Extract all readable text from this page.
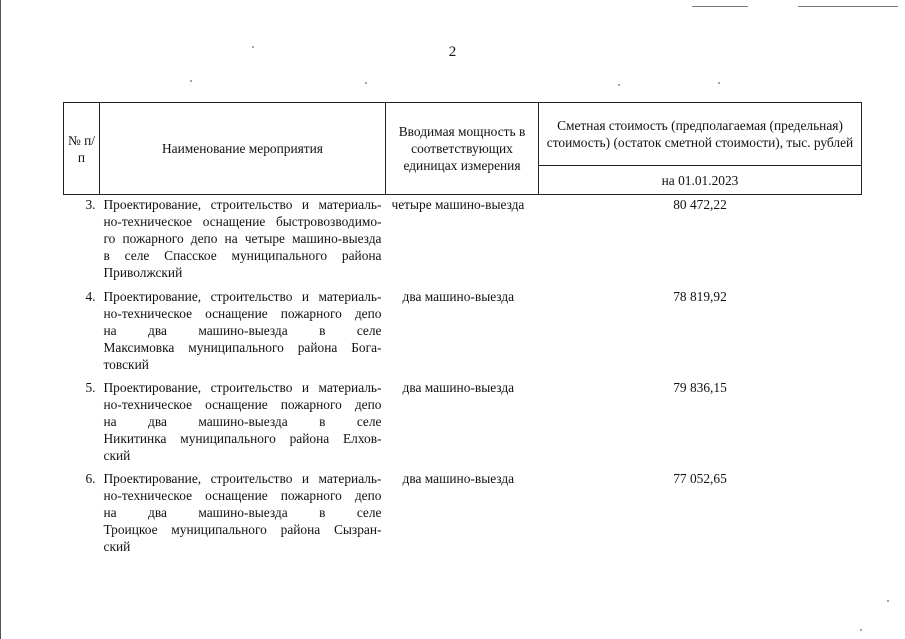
2
№ п/п	Наименование мероприятия	Вводимая мощность в соответствующих единицах измерения	Сметная стоимость (предполагаемая (предельная) стоимость) (остаток сметной стоимости), тыс. рублей
			на 01.01.2023
3.	Проектирование, строительство и материаль-
но-техническое оснащение быстровозводимо-
го пожарного депо на четыре машино-выезда
в селе Спасское муниципального района
Приволжский	четыре машино-выезда	80 472,22
4.	Проектирование, строительство и материаль-
но-техническое оснащение пожарного депо
на два машино-выезда в селе
Максимовка муниципального района Бога-
товский	два машино-выезда	78 819,92
5.	Проектирование, строительство и материаль-
но-техническое оснащение пожарного депо
на два машино-выезда в селе
Никитинка муниципального района Елхов-
ский	два машино-выезда	79 836,15
6.	Проектирование, строительство и материаль-
но-техническое оснащение пожарного депо
на два машино-выезда в селе
Троицкое муниципального района Сызран-
ский	два машино-выезда	77 052,65
